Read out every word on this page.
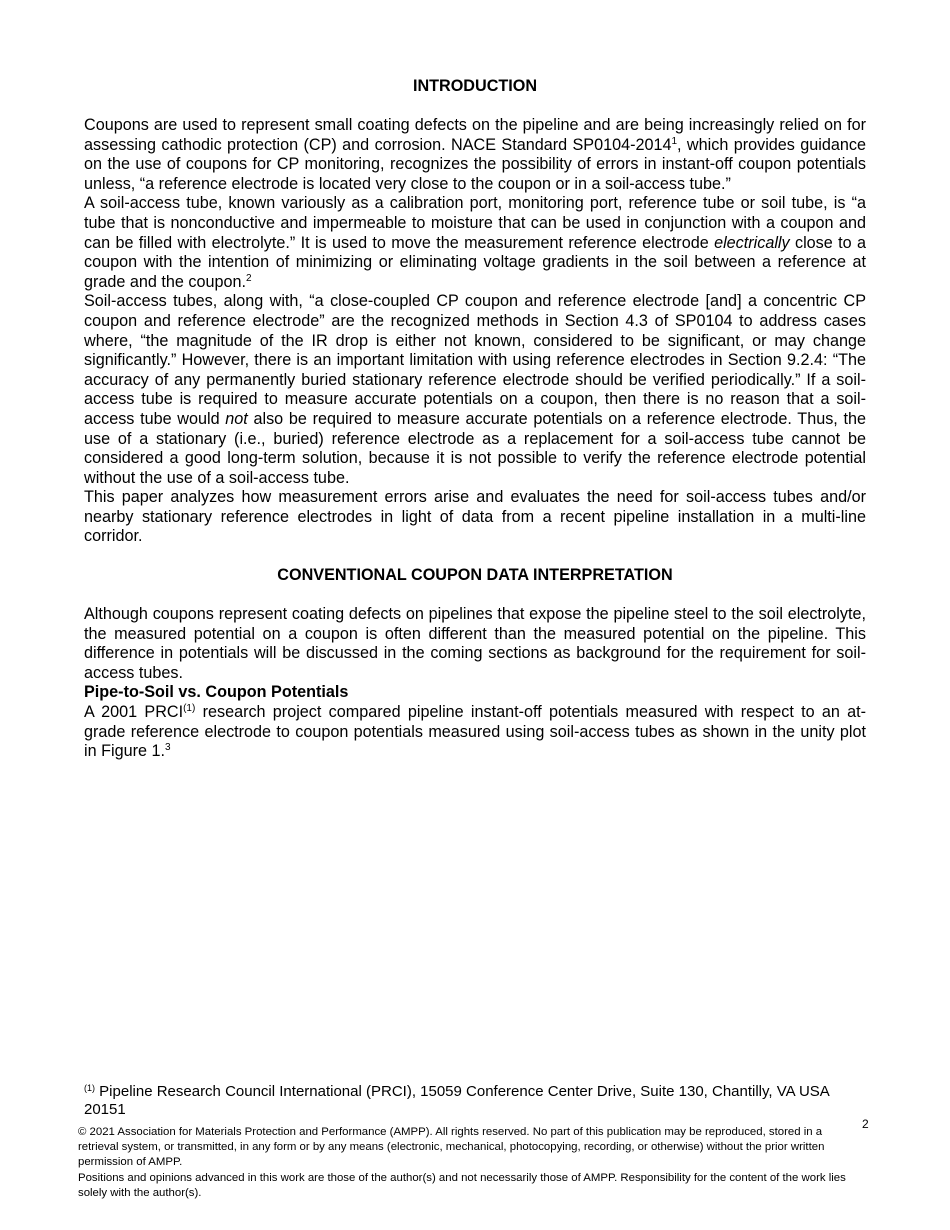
INTRODUCTION

Coupons are used to represent small coating defects on the pipeline and are being increasingly relied on for assessing cathodic protection (CP) and corrosion. NACE Standard SP0104-2014$^1$, which provides guidance on the use of coupons for CP monitoring, recognizes the possibility of errors in instant-off coupon potentials unless, “a reference electrode is located very close to the coupon or in a soil-access tube.”

A soil-access tube, known variously as a calibration port, monitoring port, reference tube or soil tube, is “a tube that is nonconductive and impermeable to moisture that can be used in conjunction with a coupon and can be filled with electrolyte.” It is used to move the measurement reference electrode electrically close to a coupon with the intention of minimizing or eliminating voltage gradients in the soil between a reference at grade and the coupon.$^2$

Soil-access tubes, along with, “a close-coupled CP coupon and reference electrode [and] a concentric CP coupon and reference electrode” are the recognized methods in Section 4.3 of SP0104 to address cases where, “the magnitude of the IR drop is either not known, considered to be significant, or may change significantly.” However, there is an important limitation with using reference electrodes in Section 9.2.4: “The accuracy of any permanently buried stationary reference electrode should be verified periodically.” If a soil-access tube is required to measure accurate potentials on a coupon, then there is no reason that a soil-access tube would not also be required to measure accurate potentials on a reference electrode. Thus, the use of a stationary (i.e., buried) reference electrode as a replacement for a soil-access tube cannot be considered a good long-term solution, because it is not possible to verify the reference electrode potential without the use of a soil-access tube.

This paper analyzes how measurement errors arise and evaluates the need for soil-access tubes and/or nearby stationary reference electrodes in light of data from a recent pipeline installation in a multi-line corridor.

CONVENTIONAL COUPON DATA INTERPRETATION

Although coupons represent coating defects on pipelines that expose the pipeline steel to the soil electrolyte, the measured potential on a coupon is often different than the measured potential on the pipeline. This difference in potentials will be discussed in the coming sections as background for the requirement for soil-access tubes.

Pipe-to-Soil vs. Coupon Potentials

A 2001 PRCI$^{(1)}$ research project compared pipeline instant-off potentials measured with respect to an at-grade reference electrode to coupon potentials measured using soil-access tubes as shown in the unity plot in Figure 1.$^3$

$^{(1)}$ Pipeline Research Council International (PRCI), 15059 Conference Center Drive, Suite 130, Chantilly, VA USA 20151
2
© 2021 Association for Materials Protection and Performance (AMPP). All rights reserved. No part of this publication may be reproduced, stored in a retrieval system, or transmitted, in any form or by any means (electronic, mechanical, photocopying, recording, or otherwise) without the prior written permission of AMPP.
Positions and opinions advanced in this work are those of the author(s) and not necessarily those of AMPP. Responsibility for the content of the work lies solely with the author(s).
